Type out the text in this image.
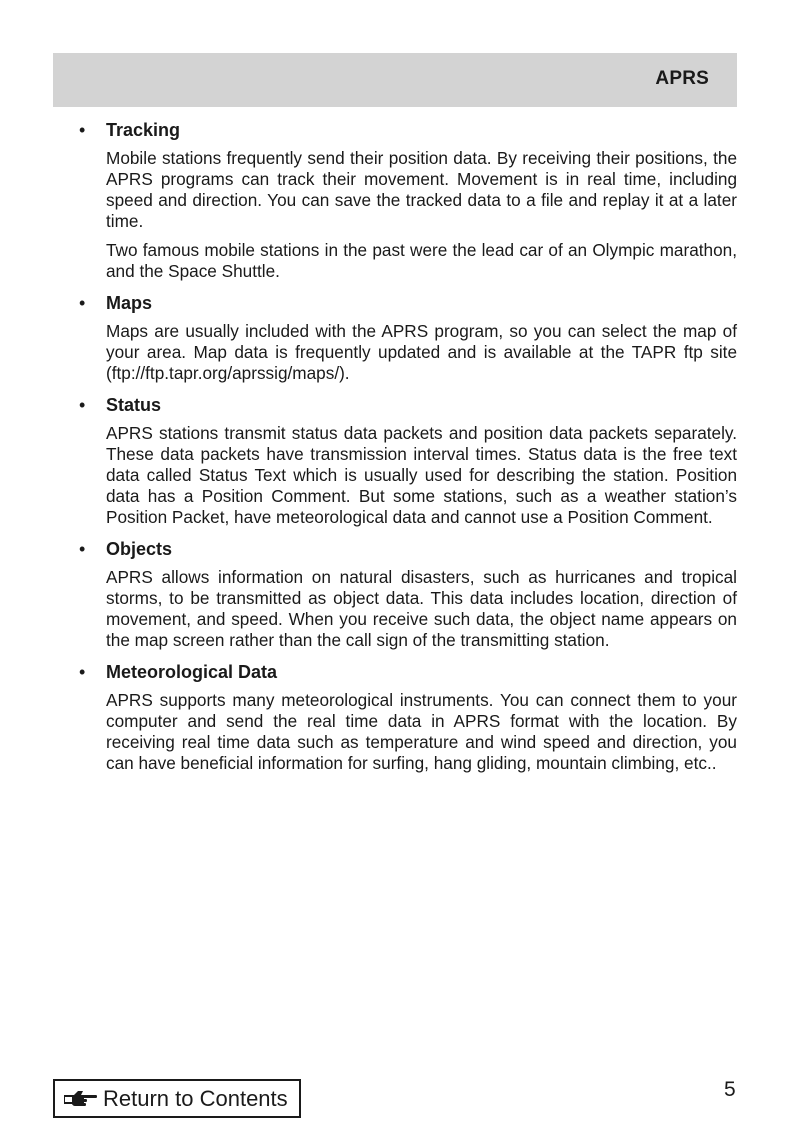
APRS
•	Tracking

Mobile stations frequently send their position data. By receiving their positions, the APRS programs can track their movement. Movement is in real time, including speed and direction. You can save the tracked data to a file and replay it at a later time.

Two famous mobile stations in the past were the lead car of an Olympic marathon, and the Space Shuttle.

•	Maps

Maps are usually included with the APRS program, so you can select the map of your area. Map data is frequently updated and is available at the TAPR ftp site (ftp://ftp.tapr.org/aprssig/maps/).

•	Status

APRS stations transmit status data packets and position data packets separately. These data packets have transmission interval times. Status data is the free text data called Status Text which is usually used for describing the station. Position data has a Position Comment. But some stations, such as a weather station’s Position Packet, have meteorological data and cannot use a Position Comment.

•	Objects

APRS allows information on natural disasters, such as hurricanes and tropical storms, to be transmitted as object data. This data includes location, direction of movement, and speed. When you receive such data, the object name appears on the map screen rather than the call sign of the transmitting station.

•	Meteorological Data

APRS supports many meteorological instruments. You can connect them to your computer and send the real time data in APRS format with the location. By receiving real time data such as temperature and wind speed and direction, you can have beneficial information for surfing, hang gliding, mountain climbing, etc..

Return to Contents	5
